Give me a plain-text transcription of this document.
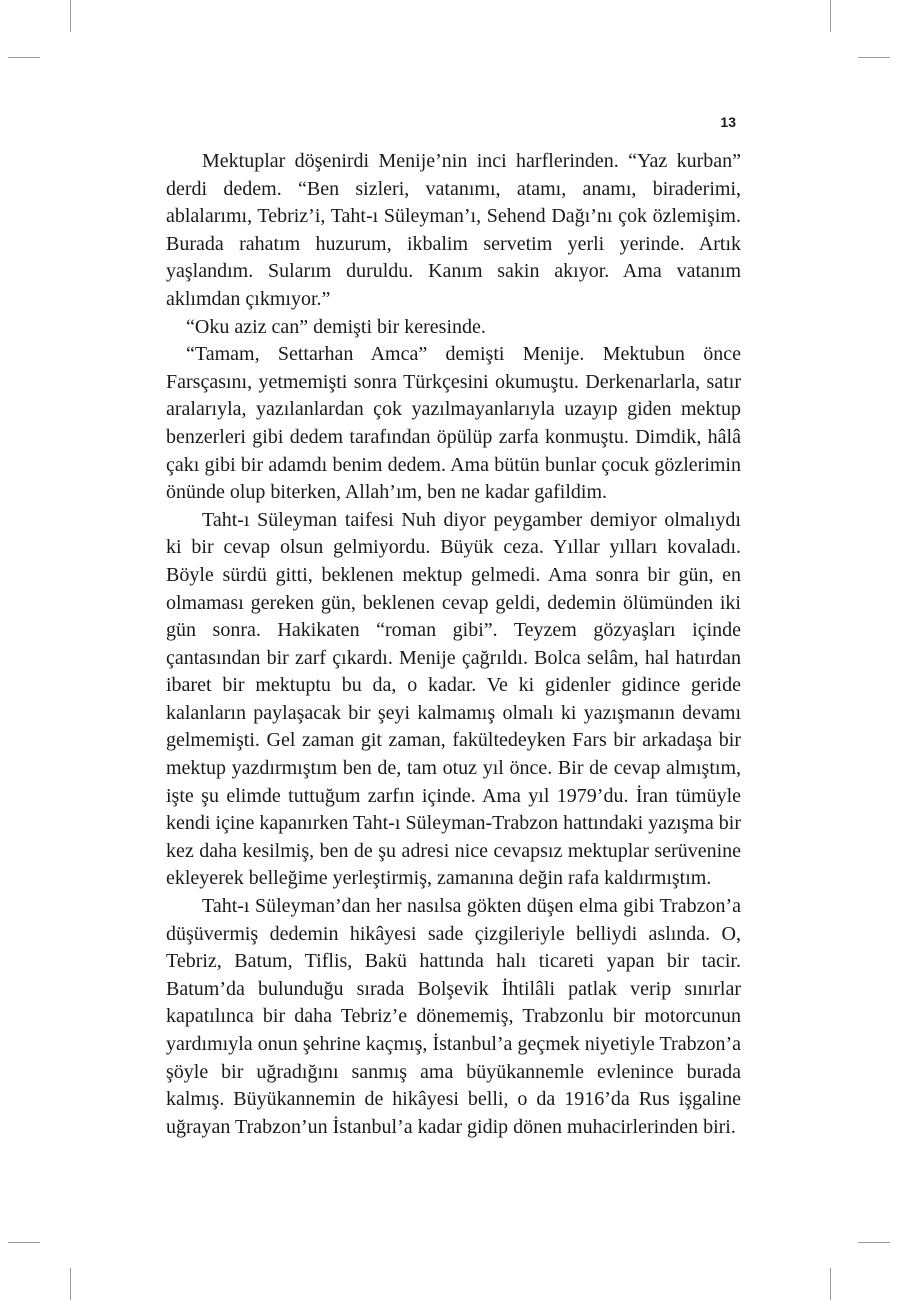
13

Mektuplar döşenirdi Menije’nin inci harflerinden. “Yaz kurban” derdi dedem. “Ben sizleri, vatanımı, atamı, anamı, biraderimi, ablalarımı, Tebriz’i, Taht-ı Süleyman’ı, Sehend Dağı’nı çok özlemişim. Burada rahatım huzurum, ikbalim servetim yerli yerinde. Artık yaşlandım. Sularım duruldu. Kanım sakin akıyor. Ama vatanım aklımdan çıkmıyor.”

“Oku aziz can” demişti bir keresinde.

“Tamam, Settarhan Amca” demişti Menije. Mektubun önce Farsçasını, yetmemişti sonra Türkçesini okumuştu. Derkenarlarla, satır aralarıyla, yazılanlardan çok yazılmayanlarıyla uzayıp giden mektup benzerleri gibi dedem tarafından öpülüp zarfa konmuştu. Dimdik, hâlâ çakı gibi bir adamdı benim dedem. Ama bütün bunlar çocuk gözlerimin önünde olup biterken, Allah’ım, ben ne kadar gafildim.

Taht-ı Süleyman taifesi Nuh diyor peygamber demiyor olmalıydı ki bir cevap olsun gelmiyordu. Büyük ceza. Yıllar yılları kovaladı. Böyle sürdü gitti, beklenen mektup gelmedi. Ama sonra bir gün, en olmaması gereken gün, beklenen cevap geldi, dedemin ölümünden iki gün sonra. Hakikaten “roman gibi”. Teyzem gözyaşları içinde çantasından bir zarf çıkardı. Menije çağrıldı. Bolca selâm, hal hatırdan ibaret bir mektuptu bu da, o kadar. Ve ki gidenler gidince geride kalanların paylaşacak bir şeyi kalmamış olmalı ki yazışmanın devamı gelmemişti. Gel zaman git zaman, fakültedeyken Fars bir arkadaşa bir mektup yazdırmıştım ben de, tam otuz yıl önce. Bir de cevap almıştım, işte şu elimde tuttuğum zarfın içinde. Ama yıl 1979’du. İran tümüyle kendi içine kapanırken Taht-ı Süleyman-Trabzon hattındaki yazışma bir kez daha kesilmiş, ben de şu adresi nice cevapsız mektuplar serüvenine ekleyerek belleğime yerleştirmiş, zamanına değin rafa kaldırmıştım.

Taht-ı Süleyman’dan her nasılsa gökten düşen elma gibi Trabzon’a düşüvermiş dedemin hikâyesi sade çizgileriyle belliydi aslında. O, Tebriz, Batum, Tiflis, Bakü hattında halı ticareti yapan bir tacir. Batum’da bulunduğu sırada Bolşevik İhtilâli patlak verip sınırlar kapatılınca bir daha Tebriz’e dönememiş, Trabzonlu bir motorcunun yardımıyla onun şehrine kaçmış, İstanbul’a geçmek niyetiyle Trabzon’a şöyle bir uğradığını sanmış ama büyükannemle evlenince burada kalmış. Büyükannemin de hikâyesi belli, o da 1916’da Rus işgaline uğrayan Trabzon’un İstanbul’a kadar gidip dönen muhacirlerinden biri.
